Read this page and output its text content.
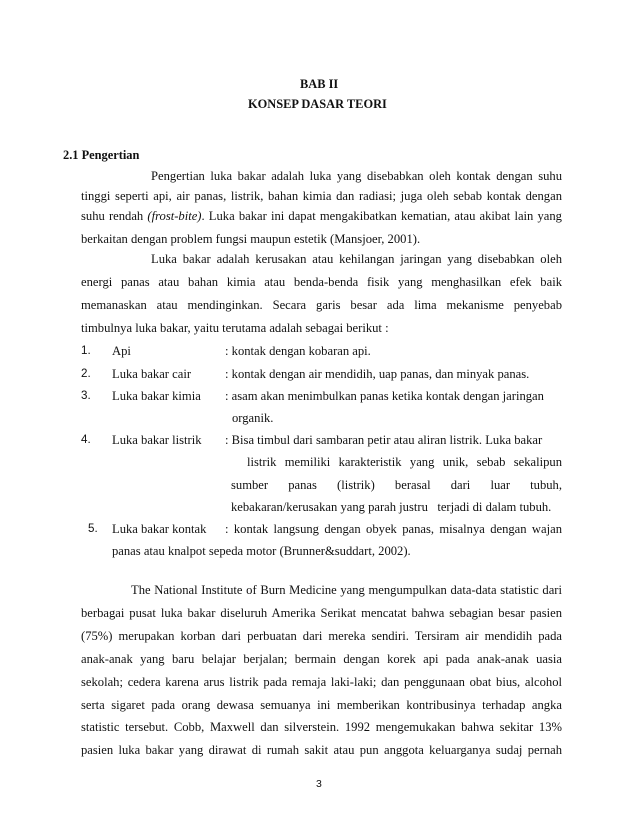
BAB II
KONSEP DASAR TEORI
2.1 Pengertian
Pengertian luka bakar adalah luka yang disebabkan oleh kontak dengan suhu
tinggi seperti api, air panas, listrik, bahan kimia dan radiasi; juga oleh sebab kontak dengan
suhu rendah (frost-bite). Luka bakar ini dapat mengakibatkan kematian, atau akibat lain yang
berkaitan dengan problem fungsi maupun estetik (Mansjoer, 2001).
Luka bakar adalah kerusakan atau kehilangan jaringan yang disebabkan oleh
energi panas atau bahan kimia atau benda-benda fisik yang menghasilkan efek baik
memanaskan atau mendinginkan. Secara garis besar ada lima mekanisme penyebab
timbulnya luka bakar, yaitu terutama adalah sebagai berikut :
1. Api	: kontak dengan kobaran api.
2. Luka bakar cair	: kontak dengan air mendidih, uap panas, dan minyak panas.
3. Luka bakar kimia : asam akan menimbulkan panas ketika kontak dengan jaringan
organik.
4. Luka bakar listrik : Bisa timbul dari sambaran petir atau aliran listrik. Luka bakar
listrik memiliki karakteristik yang unik, sebab sekalipun
sumber panas (listrik) berasal dari luar tubuh,
kebakaran/kerusakan yang parah justru   terjadi di dalam tubuh.
5. Luka bakar kontak : kontak langsung dengan obyek panas, misalnya dengan wajan
panas atau knalpot sepeda motor (Brunner&suddart, 2002).
The National Institute of Burn Medicine yang mengumpulkan data-data statistic dari
berbagai pusat luka bakar diseluruh Amerika Serikat mencatat bahwa sebagian besar pasien
(75%) merupakan korban dari perbuatan dari mereka sendiri. Tersiram air mendidih pada
anak-anak yang baru belajar berjalan; bermain dengan korek api pada anak-anak uasia
sekolah; cedera karena arus listrik pada remaja laki-laki; dan penggunaan obat bius, alcohol
serta sigaret pada orang dewasa semuanya ini memberikan kontribusinya terhadap angka
statistic tersebut. Cobb, Maxwell dan silverstein. 1992 mengemukakan bahwa sekitar 13%
pasien luka bakar yang dirawat di rumah sakit atau pun anggota keluarganya sudaj pernah
3
